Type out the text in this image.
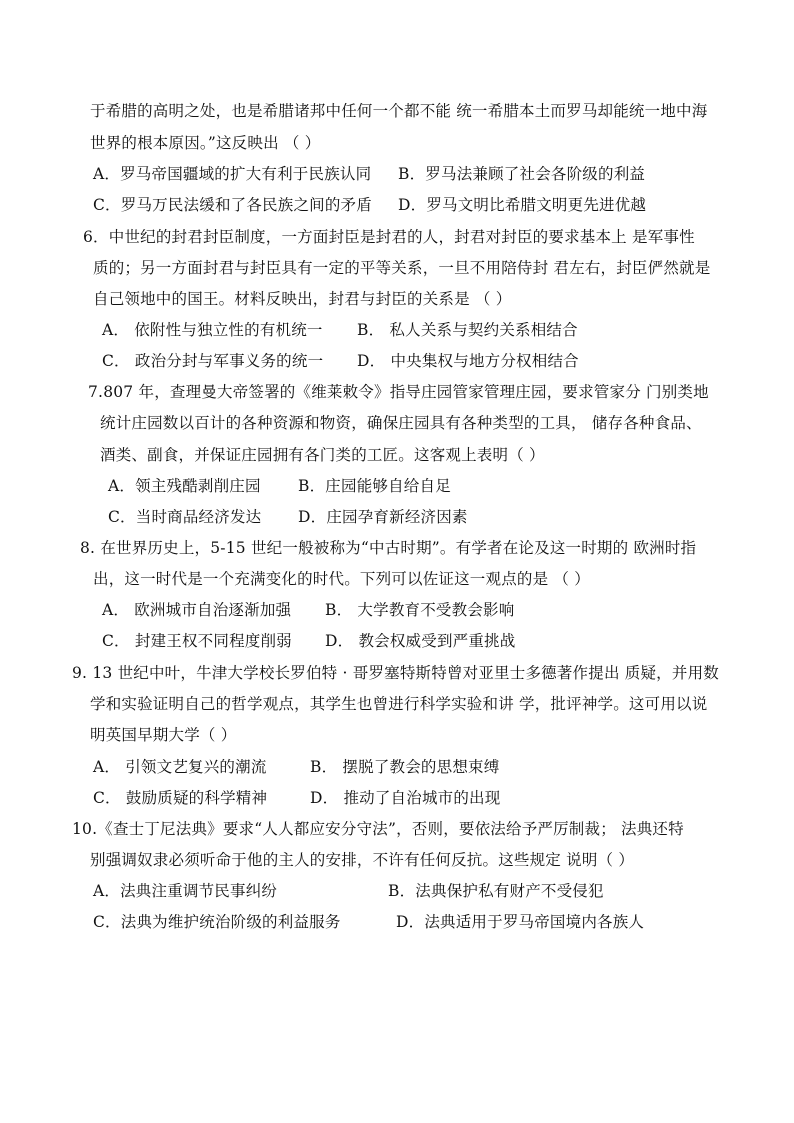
于希腊的高明之处，也是希腊诸邦中任何一个都不能 统一希腊本土而罗马却能统一地中海
世界的根本原因。”这反映出 （ ）
A．罗马帝国疆域的扩大有利于民族认同 B．罗马法兼顾了社会各阶级的利益
C．罗马万民法缓和了各民族之间的矛盾 D．罗马文明比希腊文明更先进优越
6．中世纪的封君封臣制度，一方面封臣是封君的人，封君对封臣的要求基本上 是军事性
质的；另一方面封君与封臣具有一定的平等关系，一旦不用陪侍封 君左右，封臣俨然就是
自己领地中的国王。材料反映出，封君与封臣的关系是 （ ）
A． 依附性与独立性的有机统一 B． 私人关系与契约关系相结合
C． 政治分封与军事义务的统一 D． 中央集权与地方分权相结合
7.807 年，查理曼大帝签署的《维莱敕令》指导庄园管家管理庄园，要求管家分 门别类地
统计庄园数以百计的各种资源和物资，确保庄园具有各种类型的工具， 储存各种食品、
酒类、副食，并保证庄园拥有各门类的工匠。这客观上表明（ ）
A．领主残酷剥削庄园 B．庄园能够自给自足
C．当时商品经济发达 D．庄园孕育新经济因素
8. 在世界历史上，5-15 世纪一般被称为“中古时期”。有学者在论及这一时期的 欧洲时指
出，这一时代是一个充满变化的时代。下列可以佐证这一观点的是 （ ）
A． 欧洲城市自治逐渐加强 B． 大学教育不受教会影响
C． 封建王权不同程度削弱 D． 教会权威受到严重挑战
9. 13 世纪中叶，牛津大学校长罗伯特 · 哥罗塞特斯特曾对亚里士多德著作提出 质疑，并用数
学和实验证明自己的哲学观点，其学生也曾进行科学实验和讲 学，批评神学。这可用以说
明英国早期大学（ ）
A． 引领文艺复兴的潮流	B． 摆脱了教会的思想束缚
C． 鼓励质疑的科学精神	D． 推动了自治城市的出现
10.《查士丁尼法典》要求“人人都应安分守法”，否则，要依法给予严厉制裁； 法典还特
别强调奴隶必须听命于他的主人的安排，不许有任何反抗。这些规定 说明（ ）
A．法典注重调节民事纠纷	B．法典保护私有财产不受侵犯
C．法典为维护统治阶级的利益服务	D．法典适用于罗马帝国境内各族人
